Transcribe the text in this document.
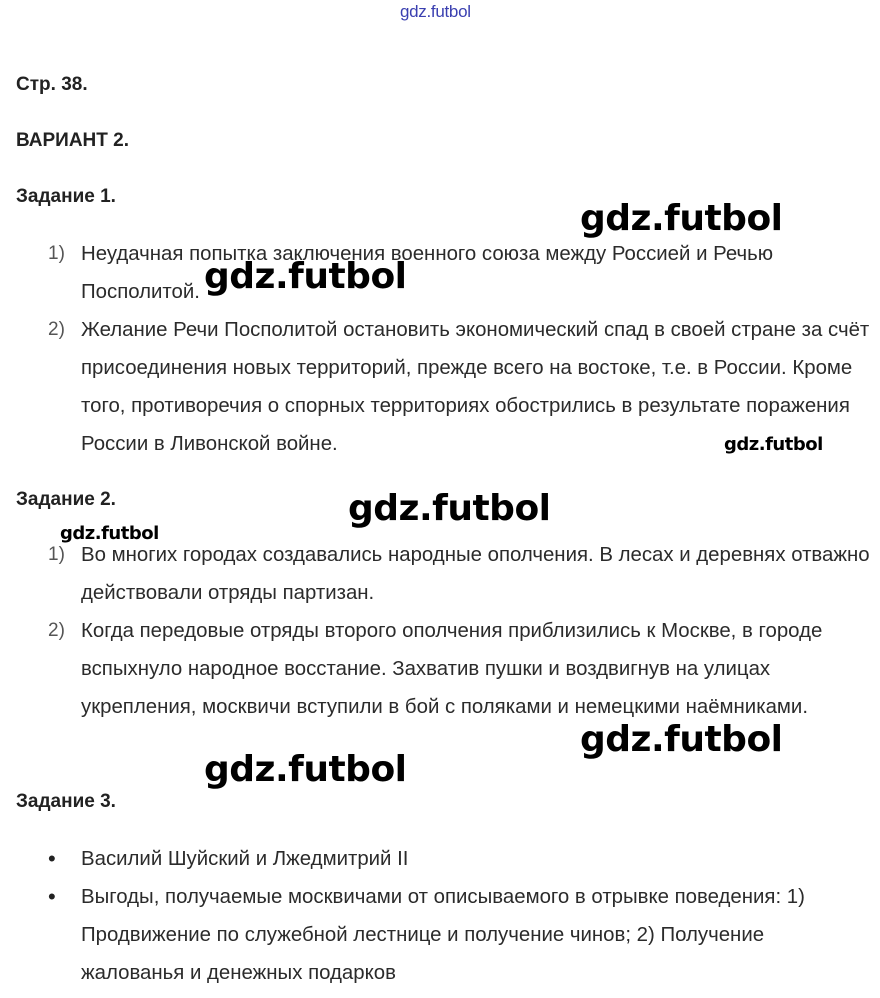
gdz.futbol
Стр. 38.
ВАРИАНТ 2.
Задание 1.
1) Неудачная попытка заключения военного союза между Россией и Речью Посполитой.
2) Желание Речи Посполитой остановить экономический спад в своей стране за счёт присоединения новых территорий, прежде всего на востоке, т.е. в России. Кроме того, противоречия о спорных территориях обострились в результате поражения России в Ливонской войне.
Задание 2.
1) Во многих городах создавались народные ополчения. В лесах и деревнях отважно действовали отряды партизан.
2) Когда передовые отряды второго ополчения приблизились к Москве, в городе вспыхнуло народное восстание. Захватив пушки и воздвигнув на улицах укрепления, москвичи вступили в бой с поляками и немецкими наёмниками.
Задание 3.
• Василий Шуйский и Лжедмитрий II
• Выгоды, получаемые москвичами от описываемого в отрывке поведения: 1) Продвижение по служебной лестнице и получение чинов; 2) Получение жалованья и денежных подарков
gdz.futbol
gdz.futbol
gdz.futbol
gdz.futbol
gdz.futbol
gdz.futbol
gdz.futbol
